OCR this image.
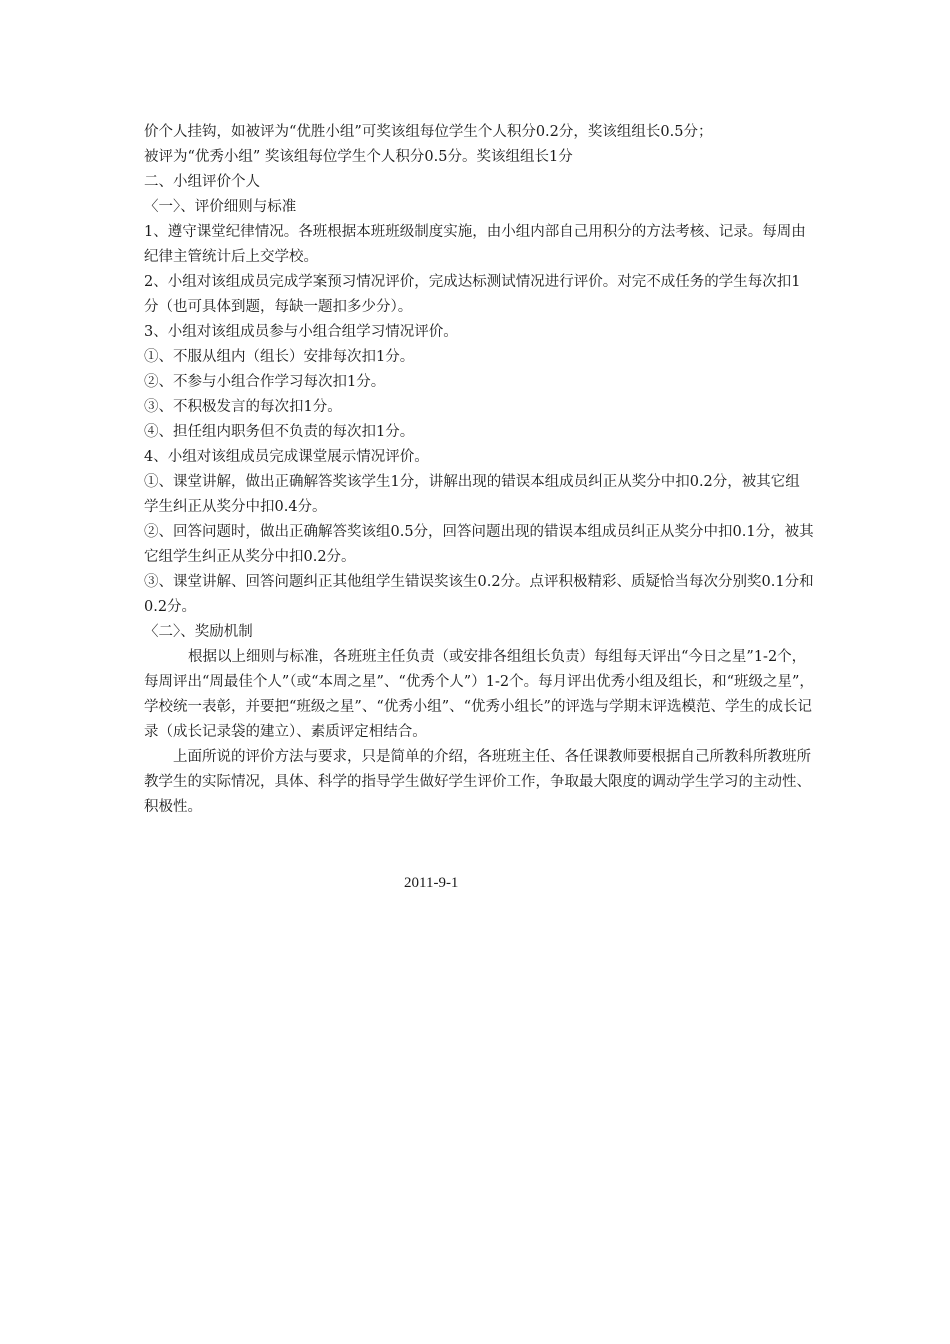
价个人挂钩，如被评为“优胜小组”可奖该组每位学生个人积分0.2分，奖该组组长0.5分；
被评为“优秀小组” 奖该组每位学生个人积分0.5分。奖该组组长1分
二、小组评价个人
〈一〉、评价细则与标准
1、遵守课堂纪律情况。各班根据本班班级制度实施，由小组内部自己用积分的方法考核、记录。每周由纪律主管统计后上交学校。
2、小组对该组成员完成学案预习情况评价，完成达标测试情况进行评价。对完不成任务的学生每次扣1分（也可具体到题，每缺一题扣多少分）。
3、小组对该组成员参与小组合组学习情况评价。
①、不服从组内（组长）安排每次扣1分。
②、不参与小组合作学习每次扣1分。
③、不积极发言的每次扣1分。
④、担任组内职务但不负责的每次扣1分。
4、小组对该组成员完成课堂展示情况评价。
①、课堂讲解，做出正确解答奖该学生1分，讲解出现的错误本组成员纠正从奖分中扣0.2分，被其它组学生纠正从奖分中扣0.4分。
②、回答问题时，做出正确解答奖该组0.5分，回答问题出现的错误本组成员纠正从奖分中扣0.1分，被其它组学生纠正从奖分中扣0.2分。
③、课堂讲解、回答问题纠正其他组学生错误奖该生0.2分。点评积极精彩、质疑恰当每次分别奖0.1分和0.2分。
〈二〉、奖励机制
根据以上细则与标准，各班班主任负责（或安排各组组长负责）每组每天评出“今日之星”1-2个，每周评出“周最佳个人”（或“本周之星”、“优秀个人”）1-2个。每月评出优秀小组及组长，和“班级之星”，学校统一表彰，并要把“班级之星”、“优秀小组”、“优秀小组长”的评选与学期末评选模范、学生的成长记录（成长记录袋的建立）、素质评定相结合。
上面所说的评价方法与要求，只是简单的介绍，各班班主任、各任课教师要根据自己所教科所教班所教学生的实际情况，具体、科学的指导学生做好学生评价工作，争取最大限度的调动学生学习的主动性、积极性。
2011-9-1
